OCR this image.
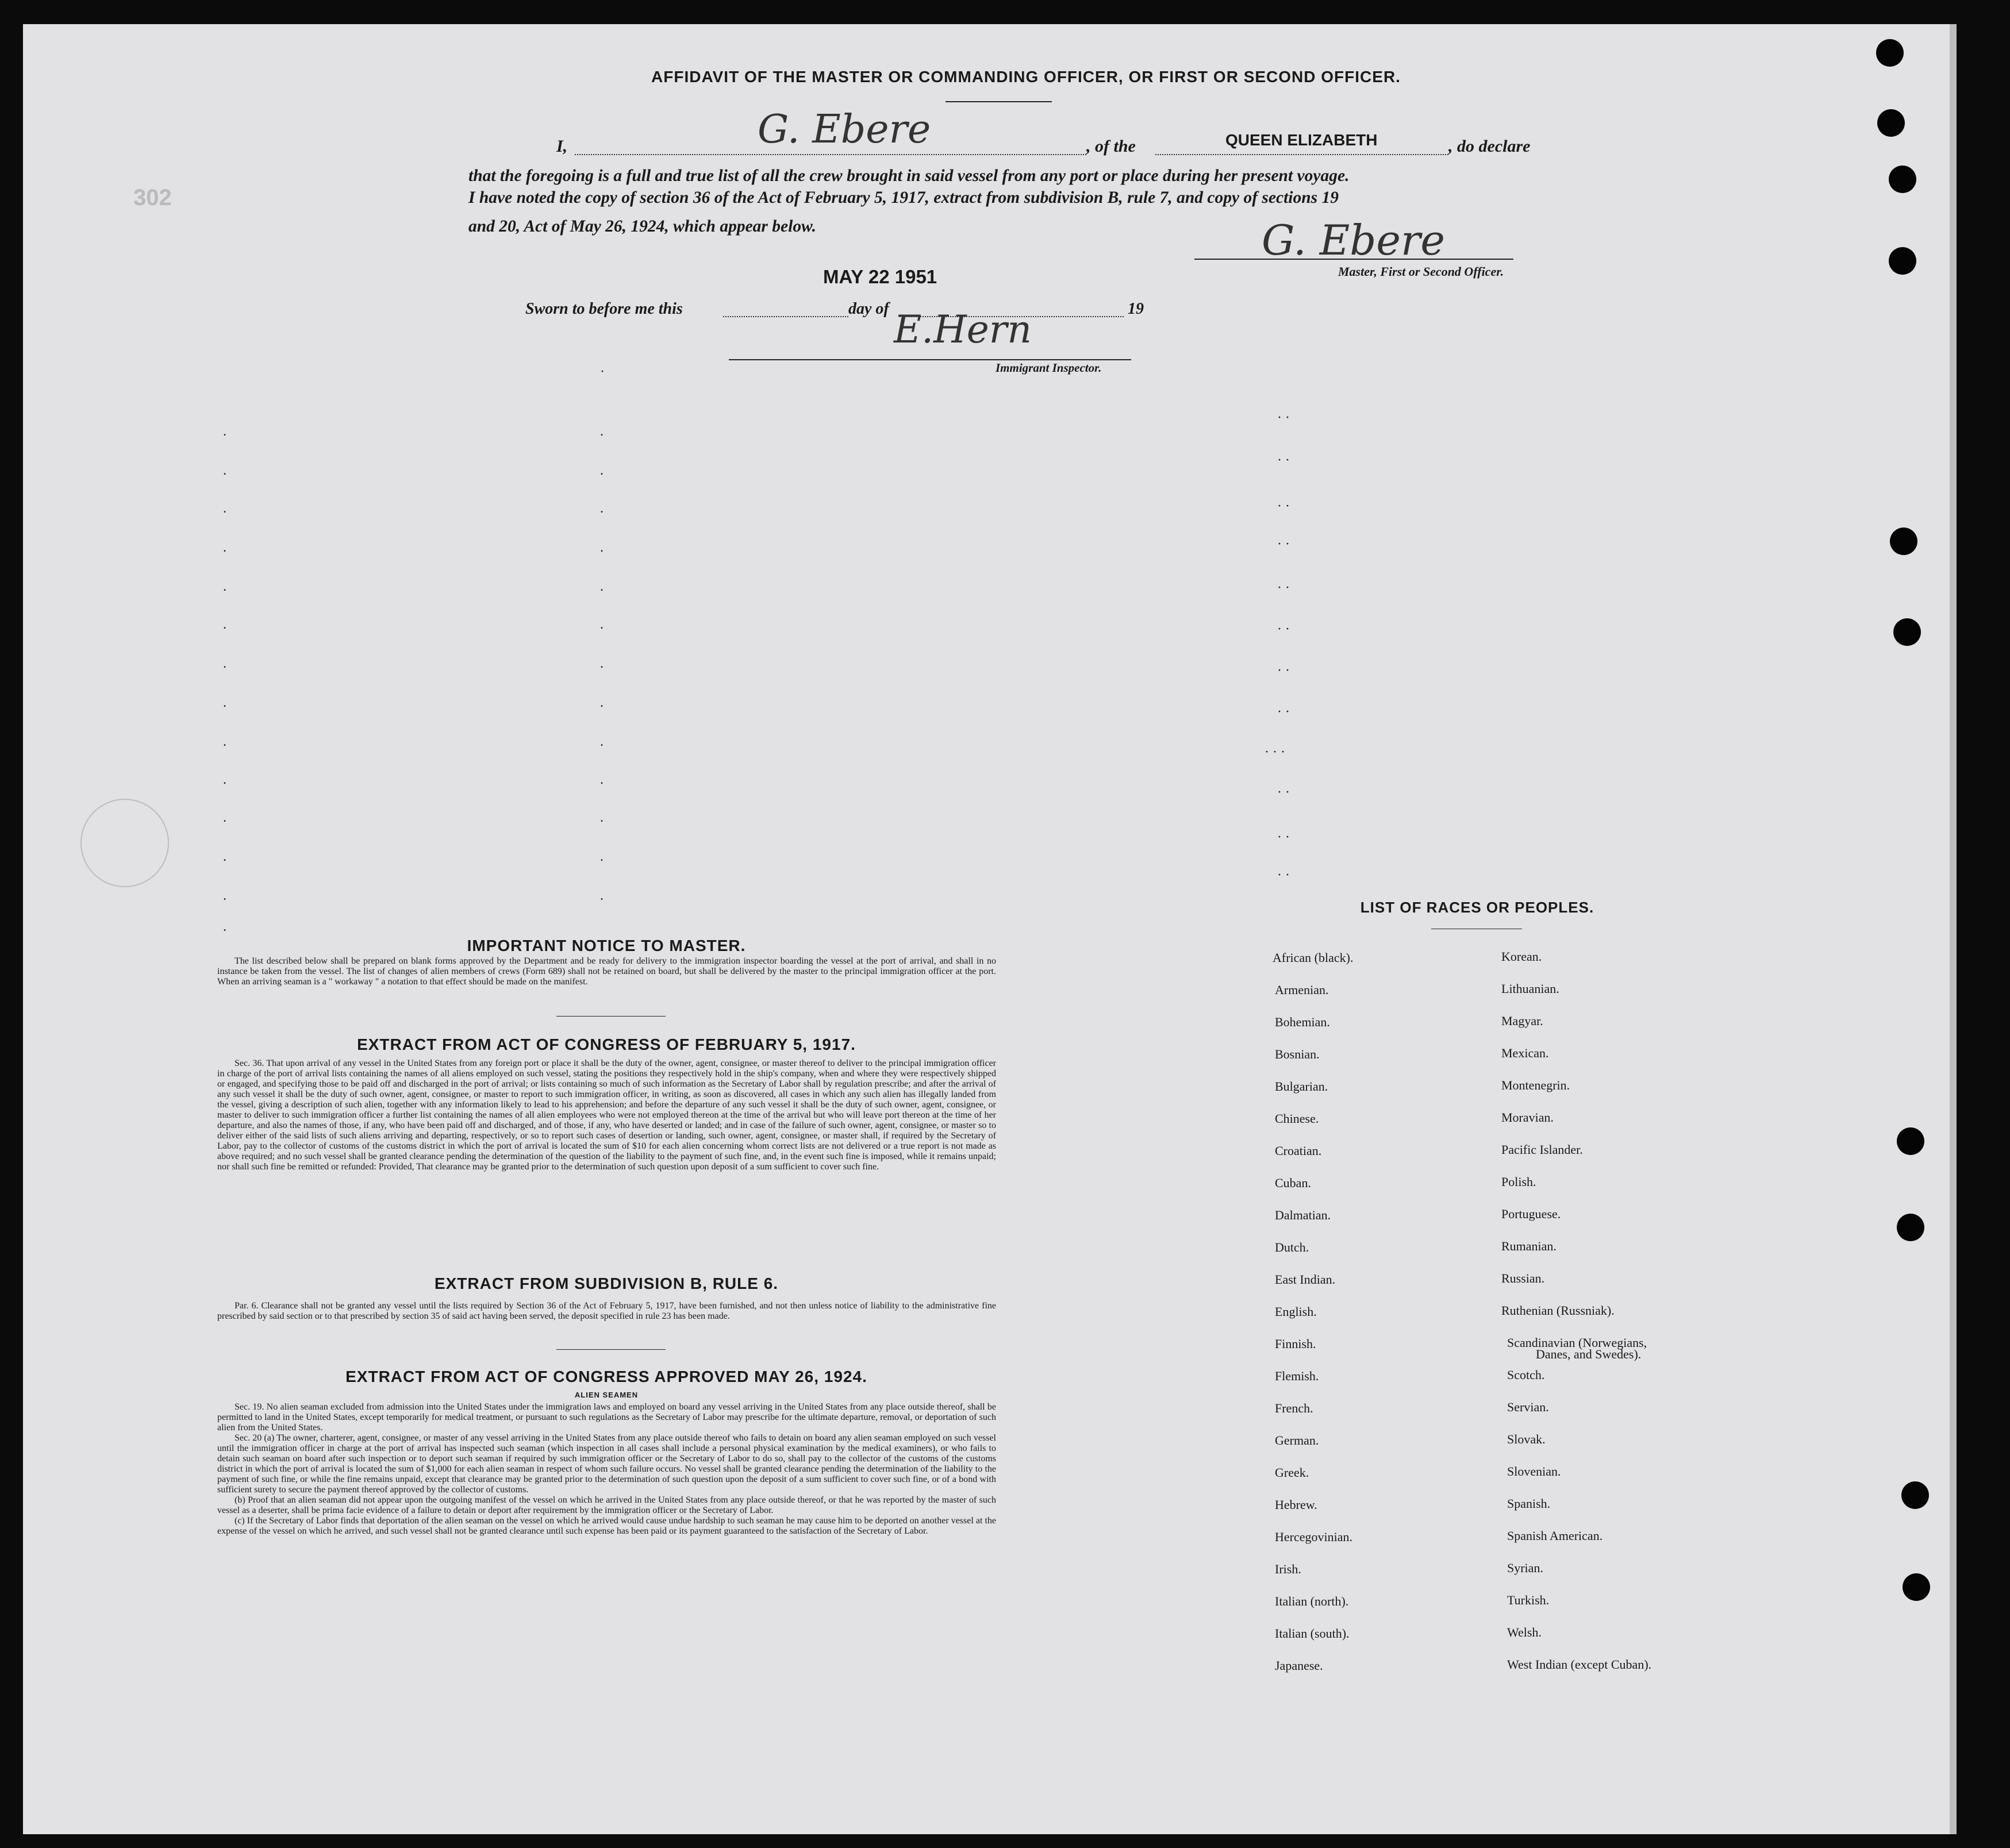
302
AFFIDAVIT OF THE MASTER OR COMMANDING OFFICER, OR FIRST OR SECOND OFFICER.
I,	G. Ebere	, of the	QUEEN ELIZABETH	, do declare
that the foregoing is a full and true list of all the crew brought in said vessel from any port or place during her present voyage.
I have noted the copy of section 36 of the Act of February 5, 1917, extract from subdivision B, rule 7, and copy of sections 19
and 20, Act of May 26, 1924, which appear below.	G. Ebere
Master, First or Second Officer.
MAY 22 1951
Sworn to before me this	day of	19
E.Hern
Immigrant Inspector.
·
· ·
.	.
· ·
.	.
.	.	· ·
.	.	· ·
.	.	· ·
.	.	· ·
.	.	· ·
.	.
· ·
.	.
· · ·
.	.
· ·
.	.
· ·
.	.
.	.
.
· ·
IMPORTANT NOTICE TO MASTER.

The list described below shall be prepared on blank forms approved by the Department and be ready for delivery to the immigration inspector boarding the vessel at the port of arrival, and shall in no instance be taken from the vessel. The list of changes of alien members of crews (Form 689) shall not be retained on board, but shall be delivered by the master to the principal immigration officer at the port. When an arriving seaman is a " workaway " a notation to that effect should be made on the manifest.

EXTRACT FROM ACT OF CONGRESS OF FEBRUARY 5, 1917.

Sec. 36. That upon arrival of any vessel in the United States from any foreign port or place it shall be the duty of the owner, agent, consignee, or master thereof to deliver to the principal immigration officer in charge of the port of arrival lists containing the names of all aliens employed on such vessel, stating the positions they respectively hold in the ship's company, when and where they were respectively shipped or engaged, and specifying those to be paid off and discharged in the port of arrival; or lists containing so much of such information as the Secretary of Labor shall by regulation prescribe; and after the arrival of any such vessel it shall be the duty of such owner, agent, consignee, or master to report to such immigration officer, in writing, as soon as discovered, all cases in which any such alien has illegally landed from the vessel, giving a description of such alien, together with any information likely to lead to his apprehension; and before the departure of any such vessel it shall be the duty of such owner, agent, consignee, or master to deliver to such immigration officer a further list containing the names of all alien employees who were not employed thereon at the time of the arrival but who will leave port thereon at the time of her departure, and also the names of those, if any, who have been paid off and discharged, and of those, if any, who have deserted or landed; and in case of the failure of such owner, agent, consignee, or master so to deliver either of the said lists of such aliens arriving and departing, respectively, or so to report such cases of desertion or landing, such owner, agent, consignee, or master shall, if required by the Secretary of Labor, pay to the collector of customs of the customs district in which the port of arrival is located the sum of $10 for each alien concerning whom correct lists are not delivered or a true report is not made as above required; and no such vessel shall be granted clearance pending the determination of the question of the liability to the payment of such fine, and, in the event such fine is imposed, while it remains unpaid; nor shall such fine be remitted or refunded: Provided, That clearance may be granted prior to the determination of such question upon deposit of a sum sufficient to cover such fine.

EXTRACT FROM SUBDIVISION B, RULE 6.

Par. 6. Clearance shall not be granted any vessel until the lists required by Section 36 of the Act of February 5, 1917, have been furnished, and not then unless notice of liability to the administrative fine prescribed by said section or to that prescribed by section 35 of said act having been served, the deposit specified in rule 23 has been made.

EXTRACT FROM ACT OF CONGRESS APPROVED MAY 26, 1924.
ALIEN SEAMEN

Sec. 19. No alien seaman excluded from admission into the United States under the immigration laws and employed on board any vessel arriving in the United States from any place outside thereof, shall be permitted to land in the United States, except temporarily for medical treatment, or pursuant to such regulations as the Secretary of Labor may prescribe for the ultimate departure, removal, or deportation of such alien from the United States.

Sec. 20 (a) The owner, charterer, agent, consignee, or master of any vessel arriving in the United States from any place outside thereof who fails to detain on board any alien seaman employed on such vessel until the immigration officer in charge at the port of arrival has inspected such seaman (which inspection in all cases shall include a personal physical examination by the medical examiners), or who fails to detain such seaman on board after such inspection or to deport such seaman if required by such immigration officer or the Secretary of Labor to do so, shall pay to the collector of the customs of the customs district in which the port of arrival is located the sum of $1,000 for each alien seaman in respect of whom such failure occurs. No vessel shall be granted clearance pending the determination of the liability to the payment of such fine, or while the fine remains unpaid, except that clearance may be granted prior to the determination of such question upon the deposit of a sum sufficient to cover such fine, or of a bond with sufficient surety to secure the payment thereof approved by the collector of customs.

(b) Proof that an alien seaman did not appear upon the outgoing manifest of the vessel on which he arrived in the United States from any place outside thereof, or that he was reported by the master of such vessel as a deserter, shall be prima facie evidence of a failure to detain or deport after requirement by the immigration officer or the Secretary of Labor.

(c) If the Secretary of Labor finds that deportation of the alien seaman on the vessel on which he arrived would cause undue hardship to such seaman he may cause him to be deported on another vessel at the expense of the vessel on which he arrived, and such vessel shall not be granted clearance until such expense has been paid or its payment guaranteed to the satisfaction of the Secretary of Labor.

LIST OF RACES OR PEOPLES.
African (black).
Armenian.
Bohemian.
Bosnian.
Bulgarian.
Chinese.
Croatian.
Cuban.
Dalmatian.
Dutch.
East Indian.
English.
Finnish.
Flemish.
French.
German.
Greek.
Hebrew.
Hercegovinian.
Irish.
Italian (north).
Italian (south).
Japanese.
Korean.
Lithuanian.
Magyar.
Mexican.
Montenegrin.
Moravian.
Pacific Islander.
Polish.
Portuguese.
Rumanian.
Russian.
Ruthenian (Russniak).
Scandinavian (Norwegians,
Scotch.
Servian.
Slovak.
Slovenian.
Spanish.
Spanish American.
Syrian.
Turkish.
Welsh.
West Indian (except Cuban).
Danes, and Swedes).
